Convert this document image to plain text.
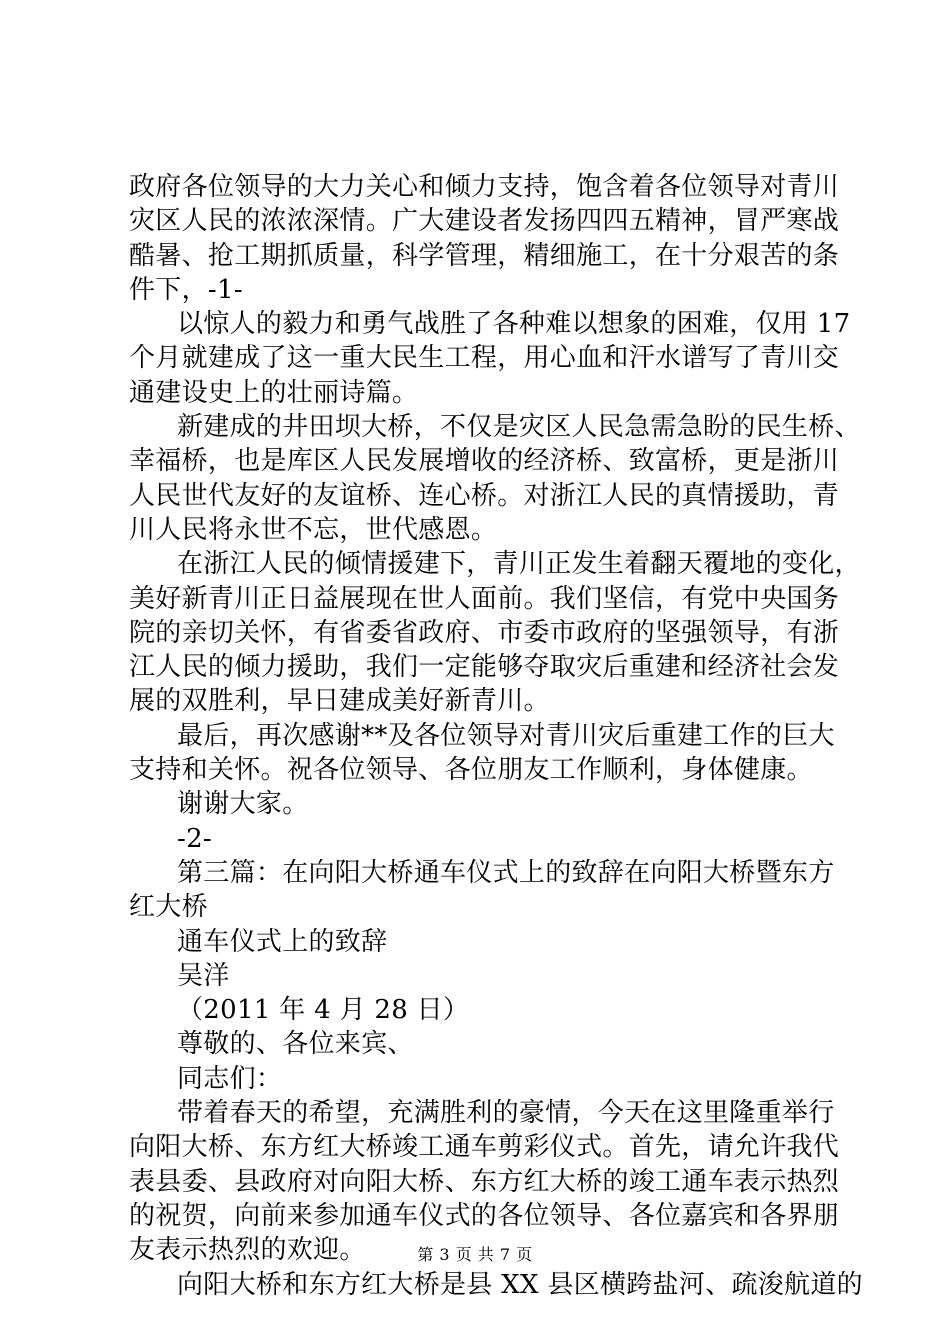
政府各位领导的大力关心和倾力支持，饱含着各位领导对青川
灾区人民的浓浓深情。广大建设者发扬四四五精神，冒严寒战
酷暑、抢工期抓质量，科学管理，精细施工，在十分艰苦的条
件下，-1-
以惊人的毅力和勇气战胜了各种难以想象的困难，仅用 17
个月就建成了这一重大民生工程，用心血和汗水谱写了青川交
通建设史上的壮丽诗篇。
新建成的井田坝大桥，不仅是灾区人民急需急盼的民生桥、
幸福桥，也是库区人民发展增收的经济桥、致富桥，更是浙川
人民世代友好的友谊桥、连心桥。对浙江人民的真情援助，青
川人民将永世不忘，世代感恩。
在浙江人民的倾情援建下，青川正发生着翻天覆地的变化，
美好新青川正日益展现在世人面前。我们坚信，有党中央国务
院的亲切关怀，有省委省政府、市委市政府的坚强领导，有浙
江人民的倾力援助，我们一定能够夺取灾后重建和经济社会发
展的双胜利，早日建成美好新青川。
最后，再次感谢**及各位领导对青川灾后重建工作的巨大
支持和关怀。祝各位领导、各位朋友工作顺利，身体健康。
谢谢大家。
-2-
第三篇：在向阳大桥通车仪式上的致辞在向阳大桥暨东方
红大桥
通车仪式上的致辞
吴洋
（2011 年 4 月 28 日）
尊敬的、各位来宾、
同志们：
带着春天的希望，充满胜利的豪情，今天在这里隆重举行
向阳大桥、东方红大桥竣工通车剪彩仪式。首先，请允许我代
表县委、县政府对向阳大桥、东方红大桥的竣工通车表示热烈
的祝贺，向前来参加通车仪式的各位领导、各位嘉宾和各界朋
友表示热烈的欢迎。
向阳大桥和东方红大桥是县 XX 县区横跨盐河、疏浚航道的
第 3 页 共 7 页
